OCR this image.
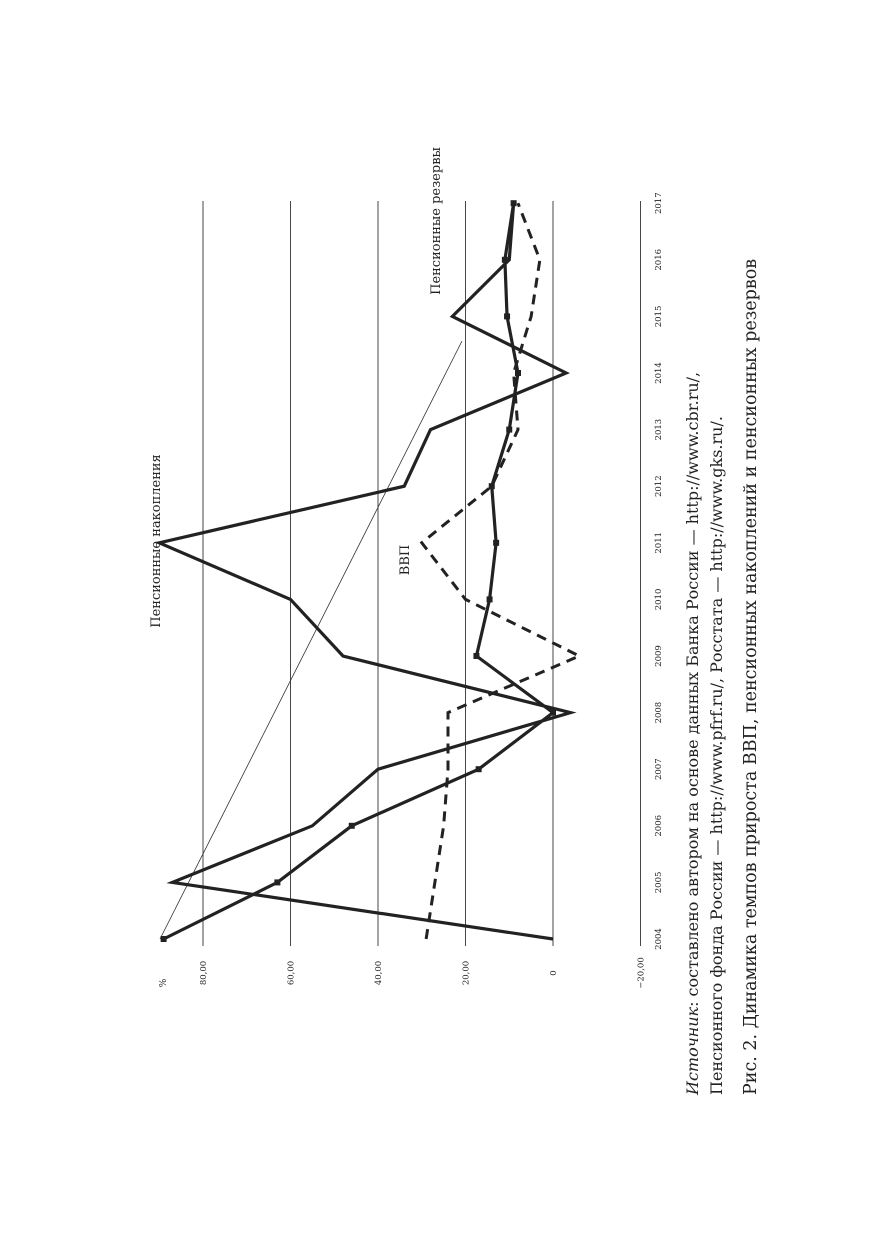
%	80,00	60,00	40,00	20,00	0	−20,00
2004
2005
2006
2007
2008
2009
2010
2011
2012
2013
2014
2015
2016
2017
Пенсионные накопления
Пенсионные резервы
ВВП
Источник: составлено автором на основе данных Банка России — http://www.cbr.ru/, Пенсионного фонда России — http://www.pfrf.ru/, Росстата — http://www.gks.ru/. Рис. 2. Динамика темпов прироста ВВП, пенсионных накоплений и пенсионных резервов
